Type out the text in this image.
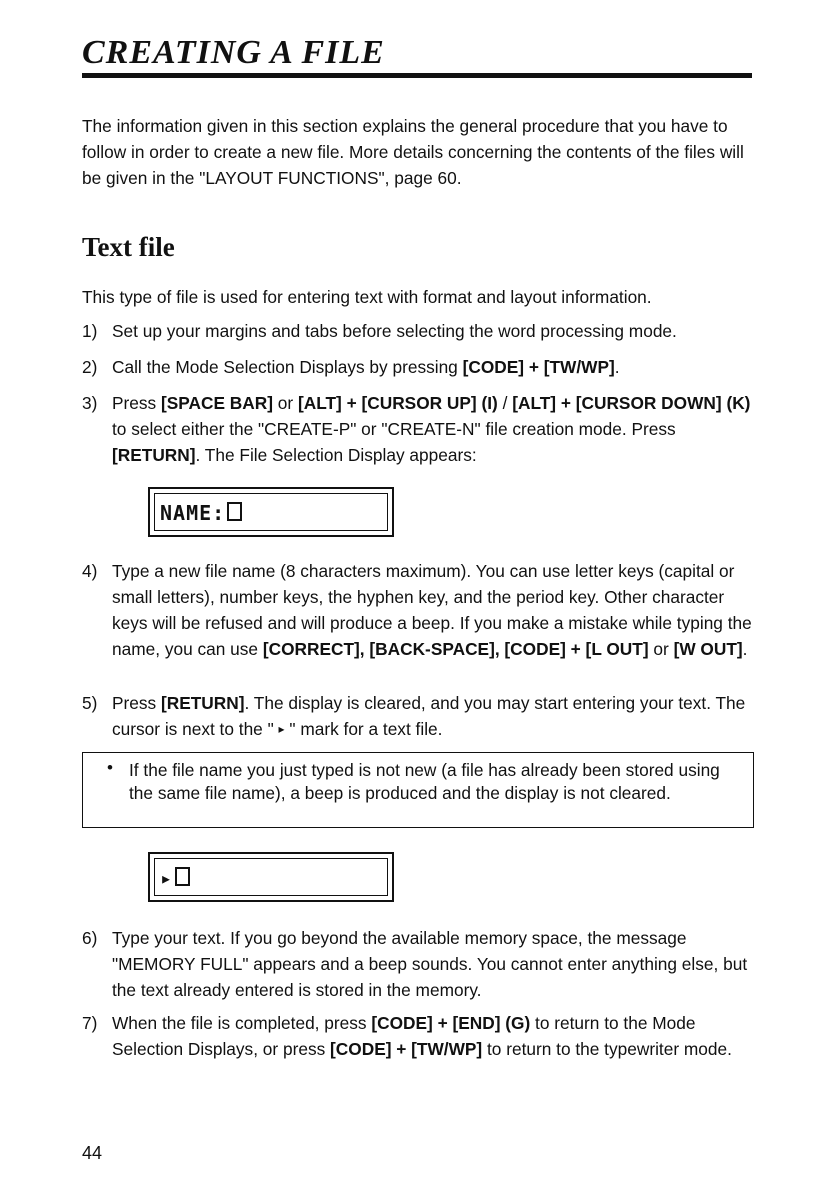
CREATING A FILE

The information given in this section explains the general procedure that you have to follow in order to create a new file. More details concerning the contents of the files will be given in the "LAYOUT FUNCTIONS", page 60.

Text file

This type of file is used for entering text with format and layout information.

1) Set up your margins and tabs before selecting the word processing mode.
2) Call the Mode Selection Displays by pressing [CODE] + [TW/WP].
3) Press [SPACE BAR] or [ALT] + [CURSOR UP] (I) / [ALT] + [CURSOR DOWN] (K) to select either the "CREATE-P" or "CREATE-N" file creation mode. Press [RETURN]. The File Selection Display appears:
NAME:
4) Type a new file name (8 characters maximum). You can use letter keys (capital or small letters), number keys, the hyphen key, and the period key. Other character keys will be refused and will produce a beep. If you make a mistake while typing the name, you can use [CORRECT], [BACK-SPACE], [CODE] + [L OUT] or [W OUT].
5) Press [RETURN]. The display is cleared, and you may start entering your text. The cursor is next to the " ▸ " mark for a text file.
• If the file name you just typed is not new (a file has already been stored using the same file name), a beep is produced and the display is not cleared.
▸
6) Type your text. If you go beyond the available memory space, the message "MEMORY FULL" appears and a beep sounds. You cannot enter anything else, but the text already entered is stored in the memory.
7) When the file is completed, press [CODE] + [END] (G) to return to the Mode Selection Displays, or press [CODE] + [TW/WP] to return to the typewriter mode.
44
